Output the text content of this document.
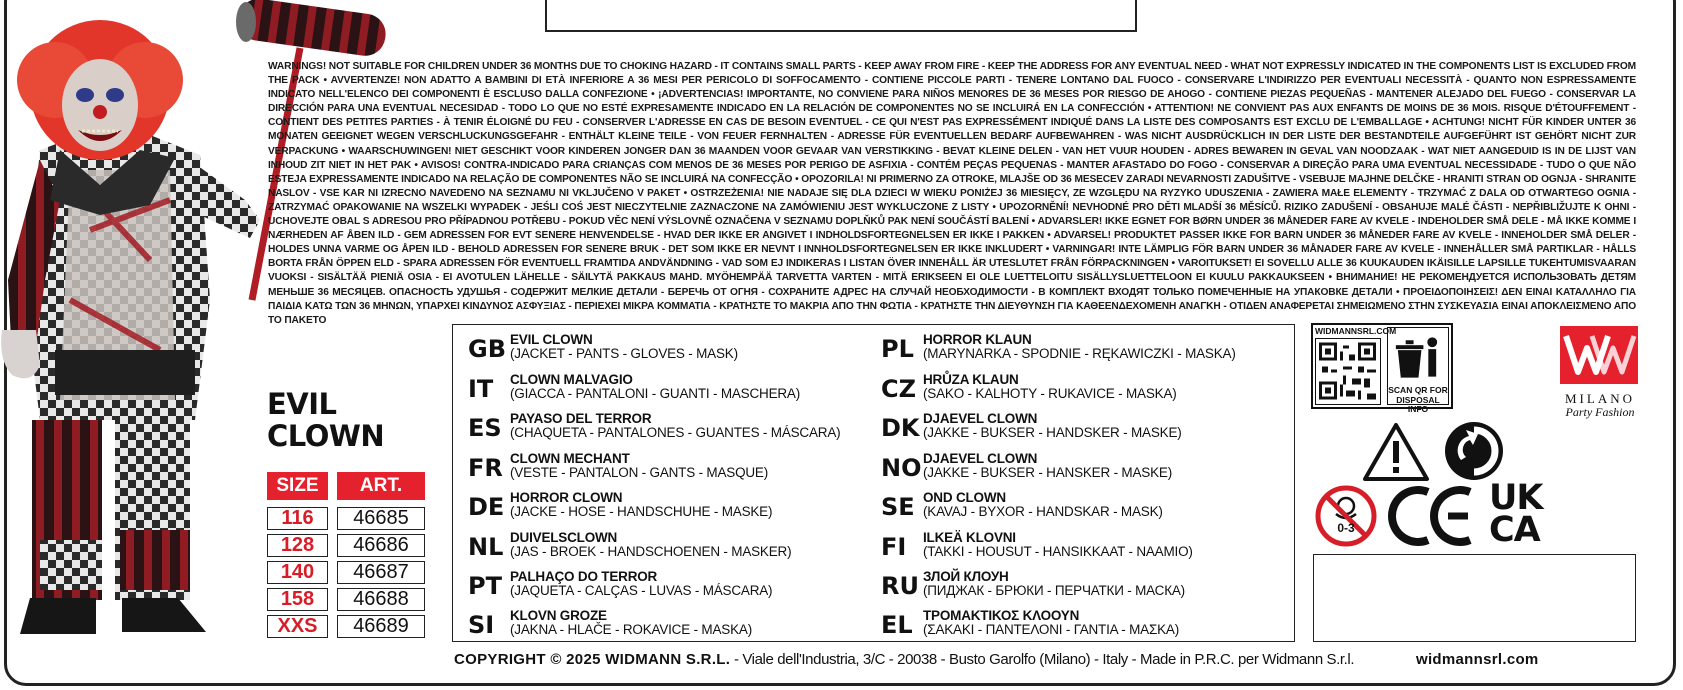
WARNINGS! NOT SUITABLE FOR CHILDREN UNDER 36 MONTHS DUE TO CHOKING HAZARD - IT CONTAINS SMALL PARTS - KEEP AWAY FROM FIRE - KEEP THE ADDRESS FOR ANY EVENTUAL NEED - WHAT NOT EXPRESSLY INDICATED IN THE COMPONENTS LIST IS EXCLUDED FROM THE PACK • AVVERTENZE! NON ADATTO A BAMBINI DI ETÀ INFERIORE A 36 MESI PER PERICOLO DI SOFFOCAMENTO - CONTIENE PICCOLE PARTI - TENERE LONTANO DAL FUOCO - CONSERVARE L'INDIRIZZO PER EVENTUALI NECESSITÀ - QUANTO NON ESPRESSAMENTE INDICATO NELL'ELENCO DEI COMPONENTI È ESCLUSO DALLA CONFEZIONE • ¡ADVERTENCIAS! IMPORTANTE, NO CONVIENE PARA NIÑOS MENORES DE 36 MESES POR RIESGO DE AHOGO - CONTIENE PIEZAS PEQUEÑAS - MANTENER ALEJADO DEL FUEGO - CONSERVAR LA DIRECCIÓN PARA UNA EVENTUAL NECESIDAD - TODO LO QUE NO ESTÉ EXPRESAMENTE INDICADO EN LA RELACIÓN DE COMPONENTES NO SE INCLUIRÁ EN LA CONFECCIÓN • ATTENTION! NE CONVIENT PAS AUX ENFANTS DE MOINS DE 36 MOIS. RISQUE D'ÉTOUFFEMENT - CONTIENT DES PETITES PARTIES - À TENIR ÉLOIGNÉ DU FEU - CONSERVER L'ADRESSE EN CAS DE BESOIN EVENTUEL - CE QUI N'EST PAS EXPRESSÉMENT INDIQUÉ DANS LA LISTE DES COMPOSANTS EST EXCLU DE L'EMBALLAGE • ACHTUNG! NICHT FÜR KINDER UNTER 36 MONATEN GEEIGNET WEGEN VERSCHLUCKUNGSGEFAHR - ENTHÄLT KLEINE TEILE - VON FEUER FERNHALTEN - ADRESSE FÜR EVENTUELLEN BEDARF AUFBEWAHREN - WAS NICHT AUSDRÜCKLICH IN DER LISTE DER BESTANDTEILE AUFGEFÜHRT IST GEHÖRT NICHT ZUR VERPACKUNG • WAARSCHUWINGEN! NIET GESCHIKT VOOR KINDEREN JONGER DAN 36 MAANDEN VOOR GEVAAR VAN VERSTIKKING - BEVAT KLEINE DELEN - VAN HET VUUR HOUDEN - ADRES BEWAREN IN GEVAL VAN NOODZAAK - WAT NIET AANGEDUID IS IN DE LIJST VAN INHOUD ZIT NIET IN HET PAK • AVISOS! CONTRA-INDICADO PARA CRIANÇAS COM MENOS DE 36 MESES POR PERIGO DE ASFIXIA - CONTÉM PEÇAS PEQUENAS - MANTER AFASTADO DO FOGO - CONSERVAR A DIREÇÃO PARA UMA EVENTUAL NECESSIDADE - TUDO O QUE NÃO ESTEJA EXPRESSAMENTE INDICADO NA RELAÇÃO DE COMPONENTES NÃO SE INCLUIRÁ NA CONFECÇÃO • OPOZORILA! NI PRIMERNO ZA OTROKE, MLAJŠE OD 36 MESECEV ZARADI NEVARNOSTI ZADUŠITVE - VSEBUJE MAJHNE DELČKE - HRANITI STRAN OD OGNJA - SHRANITE NASLOV - VSE KAR NI IZRECNO NAVEDENO NA SEZNAMU NI VKLJUČENO V PAKET • OSTRZEŻENIA! NIE NADAJE SIĘ DLA DZIECI W WIEKU PONIŻEJ 36 MIESIĘCY, ZE WZGLĘDU NA RYZYKO UDUSZENIA - ZAWIERA MAŁE ELEMENTY - TRZYMAĆ Z DALA OD OTWARTEGO OGNIA - ZATRZYMAĆ OPAKOWANIE NA WSZELKI WYPADEK - JEŚLI COŚ JEST NIECZYTELNIE ZAZNACZONE NA ZAMÓWIENIU JEST WYKLUCZONE Z LISTY • UPOZORNĚNÍ! NEVHODNÉ PRO DĚTI MLADŠÍ 36 MĚSÍCŮ. RIZIKO ZADUŠENÍ - OBSAHUJE MALÉ ČÁSTI - NEPŘIBLIŽUJTE K OHNI - UCHOVEJTE OBAL S ADRESOU PRO PŘÍPADNOU POTŘEBU - POKUD VĚC NENÍ VÝSLOVNĚ OZNAČENA V SEZNAMU DOPLŇKŮ PAK NENÍ SOUČÁSTÍ BALENÍ • ADVARSLER! IKKE EGNET FOR BØRN UNDER 36 MÅNEDER FARE AV KVELE - INDEHOLDER SMÅ DELE - MÅ IKKE KOMME I NÆRHEDEN AF ÅBEN ILD - GEM ADRESSEN FOR EVT SENERE HENVENDELSE - HVAD DER IKKE ER ANGIVET I INDHOLDSFORTEGNELSEN ER IKKE I PAKKEN • ADVARSEL! PRODUKTET PASSER IKKE FOR BARN UNDER 36 MÅNEDER FARE AV KVELE - INNEHOLDER SMÅ DELER - HOLDES UNNA VARME OG ÅPEN ILD - BEHOLD ADRESSEN FOR SENERE BRUK - DET SOM IKKE ER NEVNT I INNHOLDSFORTEGNELSEN ER IKKE INKLUDERT • VARNINGAR! INTE LÄMPLIG FÖR BARN UNDER 36 MÅNADER FARE AV KVELE - INNEHÅLLER SMÅ PARTIKLAR - HÅLLS BORTA FRÅN ÖPPEN ELD - SPARA ADRESSEN FÖR EVENTUELL FRAMTIDA ANDVÄNDNING - VAD SOM EJ INDIKERAS I LISTAN ÖVER INNEHÅLL ÄR UTESLUTET FRÅN FÖRPACKNINGEN • VAROITUKSET! EI SOVELLU ALLE 36 KUUKAUDEN IKÄISILLE LAPSILLE TUKEHTUMISVAARAN VUOKSI - SISÄLTÄÄ PIENIÄ OSIA - EI AVOTULEN LÄHELLE - SÄILYTÄ PAKKAUS MAHD. MYÖHEMPÄÄ TARVETTA VARTEN - MITÄ ERIKSEEN EI OLE LUETTELOITU SISÄLLYSLUETTELOON EI KUULU PAKKAUKSEEN • ВНИМАНИЕ! НЕ РЕКОМЕНДУЕТСЯ ИСПОЛЬЗОВАТЬ ДЕТЯМ МЕНЬШЕ 36 МЕСЯЦЕВ. ОПАСНОСТЬ УДУШЬЯ - СОДЕРЖИТ МЕЛКИЕ ДЕТАЛИ - БЕРЕЧЬ ОТ ОГНЯ - СОХРАНИТЕ АДРЕС НА СЛУЧАЙ НЕОБХОДИМОСТИ - В КОМПЛЕКТ ВХОДЯТ ТОЛЬКО ПОМЕЧЕННЫЕ НА УПАКОВКЕ ДЕТАЛИ • ΠΡΟΕΙΔΟΠΟΙΗΣΕΙΣ! ΔΕΝ ΕΙΝΑΙ ΚΑΤΑΛΛΗΛΟ ΓΙΑ ΠΑΙΔΙΑ ΚΑΤΩ ΤΩΝ 36 ΜΗΝΩΝ, ΥΠΑΡΧΕΙ ΚΙΝΔΥΝΟΣ ΑΣΦΥΞΙΑΣ - ΠΕΡΙΕΧΕΙ ΜΙΚΡΑ ΚΟΜΜΑΤΙΑ - ΚΡΑΤΗΣΤΕ ΤΟ ΜΑΚΡΙΑ ΑΠΟ ΤΗΝ ΦΩΤΙΑ - ΚΡΑΤΗΣΤΕ ΤΗΝ ΔΙΕΥΘΥΝΣΗ ΓΙΑ ΚΑΘΕΕΝΔΕΧΟΜΕΝΗ ΑΝΑΓΚΗ - ΟΤΙΔΕΝ ΑΝΑΦΕΡΕΤΑΙ ΣΗΜΕΙΩΜΕΝΟ ΣΤΗΝ ΣΥΣΚΕΥΑΣΙΑ ΕΙΝΑΙ ΑΠΟΚΛΕΙΣΜΕΝΟ ΑΠΟ ΤΟ ΠΑΚΕΤΟ
EVIL
CLOWN
SIZE	ART.
116	46685
128	46686
140	46687
158	46688
XXS	46689
GB EVIL CLOWN
(JACKET - PANTS - GLOVES - MASK)
IT	CLOWN MALVAGIO
(GIACCA - PANTALONI - GUANTI - MASCHERA)
ES PAYASO DEL TERROR
(CHAQUETA - PANTALONES - GUANTES - MÁSCARA)
FR CLOWN MECHANT
(VESTE - PANTALON - GANTS - MASQUE)
DE HORROR CLOWN
(JACKE - HOSE - HANDSCHUHE - MASKE)
NL DUIVELSCLOWN
(JAS - BROEK - HANDSCHOENEN - MASKER)
PT PALHAÇO DO TERROR
(JAQUETA - CALÇAS - LUVAS - MÁSCARA)
SI	KLOVN GROZE
(JAKNA - HLAČE - ROKAVICE - MASKA)
PL HORROR KLAUN
(MARYNARKA - SPODNIE - RĘKAWICZKI - MASKA)
CZ HRŮZA KLAUN
(SAKO - KALHOTY - RUKAVICE - MASKA)
DK DJAEVEL CLOWN
(JAKKE - BUKSER - HANDSKER - MASKE)
NO DJAEVEL CLOWN
(JAKKE - BUKSER - HANSKER - MASKE)
SE OND CLOWN
(KAVAJ - BYXOR - HANDSKAR - MASK)
FI	ILKEÄ KLOVNI
(TAKKI - HOUSUT - HANSIKKAAT - NAAMIO)
RU ЗЛОЙ КЛОУН
(ПИДЖАК - БРЮКИ - ПЕРЧАТКИ - МАСКА)
EL ΤΡΟΜΑΚΤΙΚΟΣ ΚΛΟΟΥΝ
(ΣΑΚΑΚΙ - ΠΑΝΤΕΛΟΝΙ - ΓΑΝΤΙΑ - ΜΑΣΚΑ)
COPYRIGHT © 2025 WIDMANN S.R.L. - Viale dell'Industria, 3/C - 20038 - Busto Garolfo (Milano) - Italy - Made in P.R.C. per Widmann S.r.l.	widmannsrl.com
WIDMANNSRL.COM
SCAN QR FOR DISPOSAL INFO
W
MILANO
Party Fashion
0-3
UK
CA
